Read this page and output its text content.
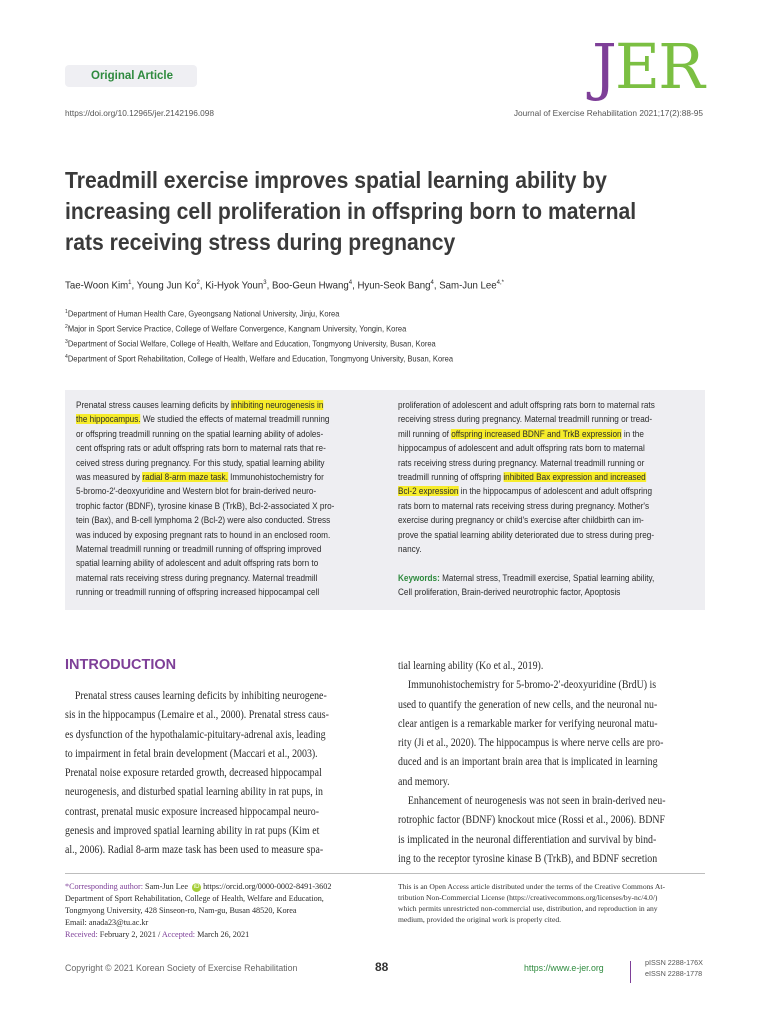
Original Article	JER
https://doi.org/10.12965/jer.2142196.098	Journal of Exercise Rehabilitation 2021;17(2):88-95
Treadmill exercise improves spatial learning ability by
increasing cell proliferation in offspring born to maternal
rats receiving stress during pregnancy
Tae-Woon Kim$^1$, Young Jun Ko$^2$, Ki-Hyok Youn$^3$, Boo-Geun Hwang$^4$, Hyun-Seok Bang$^4$, Sam-Jun Lee$^{4,*}$
$^1$Department of Human Health Care, Gyeongsang National University, Jinju, Korea
$^2$Major in Sport Service Practice, College of Welfare Convergence, Kangnam University, Yongin, Korea
$^3$Department of Social Welfare, College of Health, Welfare and Education, Tongmyong University, Busan, Korea
$^4$Department of Sport Rehabilitation, College of Health, Welfare and Education, Tongmyong University, Busan, Korea
Prenatal stress causes learning deficits by inhibiting neurogenesis in
the hippocampus. We studied the effects of maternal treadmill running
or offspring treadmill running on the spatial learning ability of adoles-
cent offspring rats or adult offspring rats born to maternal rats that re-
ceived stress during pregnancy. For this study, spatial learning ability
was measured by radial 8-arm maze task. Immunohistochemistry for
5-bromo-2′-deoxyuridine and Western blot for brain-derived neuro-
trophic factor (BDNF), tyrosine kinase B (TrkB), Bcl-2-associated X pro-
tein (Bax), and B-cell lymphoma 2 (Bcl-2) were also conducted. Stress
was induced by exposing pregnant rats to hound in an enclosed room.
Maternal treadmill running or treadmill running of offspring improved
spatial learning ability of adolescent and adult offspring rats born to
maternal rats receiving stress during pregnancy. Maternal treadmill
running or treadmill running of offspring increased hippocampal cell
proliferation of adolescent and adult offspring rats born to maternal rats
receiving stress during pregnancy. Maternal treadmill running or tread-
mill running of offspring increased BDNF and TrkB expression in the
hippocampus of adolescent and adult offspring rats born to maternal
rats receiving stress during pregnancy. Maternal treadmill running or
treadmill running of offspring inhibited Bax expression and increased
Bcl-2 expression in the hippocampus of adolescent and adult offspring
rats born to maternal rats receiving stress during pregnancy. Mother's
exercise during pregnancy or child's exercise after childbirth can im-
prove the spatial learning ability deteriorated due to stress during preg-
nancy.
Keywords: Maternal stress, Treadmill exercise, Spatial learning ability,
Cell proliferation, Brain-derived neurotrophic factor, Apoptosis
INTRODUCTION
Prenatal stress causes learning deficits by inhibiting neurogene-
sis in the hippocampus (Lemaire et al., 2000). Prenatal stress caus-
es dysfunction of the hypothalamic-pituitary-adrenal axis, leading
to impairment in fetal brain development (Maccari et al., 2003).
Prenatal noise exposure retarded growth, decreased hippocampal
neurogenesis, and disturbed spatial learning ability in rat pups, in
contrast, prenatal music exposure increased hippocampal neuro-
genesis and improved spatial learning ability in rat pups (Kim et
al., 2006). Radial 8-arm maze task has been used to measure spa-
tial learning ability (Ko et al., 2019).
Immunohistochemistry for 5-bromo-2′-deoxyuridine (BrdU) is
used to quantify the generation of new cells, and the neuronal nu-
clear antigen is a remarkable marker for verifying neuronal matu-
rity (Ji et al., 2020). The hippocampus is where nerve cells are pro-
duced and is an important brain area that is implicated in learning
and memory.
Enhancement of neurogenesis was not seen in brain-derived neu-
rotrophic factor (BDNF) knockout mice (Rossi et al., 2006). BDNF
is implicated in the neuronal differentiation and survival by bind-
ing to the receptor tyrosine kinase B (TrkB), and BDNF secretion
*Corresponding author: Sam-Jun Lee iD https://orcid.org/0000-0002-8491-3602
Department of Sport Rehabilitation, College of Health, Welfare and Education,
Tongmyong University, 428 Sinseon-ro, Nam-gu, Busan 48520, Korea
Email: anada23@tu.ac.kr
Received: February 2, 2021 / Accepted: March 26, 2021
This is an Open Access article distributed under the terms of the Creative Commons At-
tribution Non-Commercial License (https://creativecommons.org/licenses/by-nc/4.0/)
which permits unrestricted non-commercial use, distribution, and reproduction in any
medium, provided the original work is properly cited.
Copyright © 2021 Korean Society of Exercise Rehabilitation	88	https://www.e-jer.org
pISSN 2288-176X
eISSN 2288-1778
